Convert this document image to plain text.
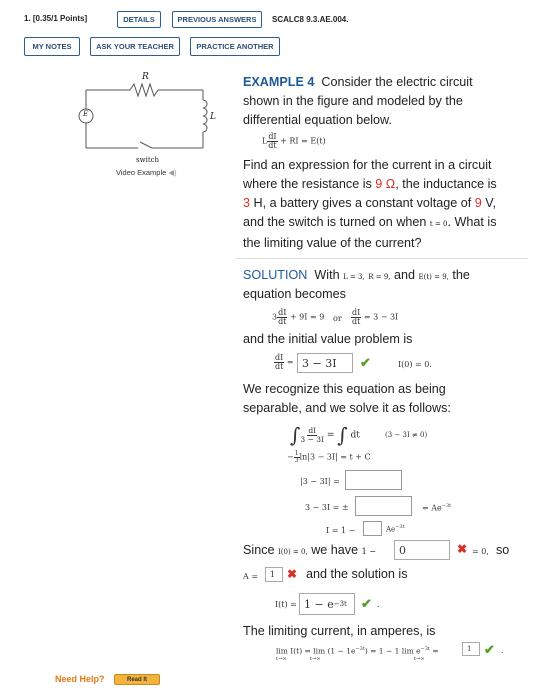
1. [0.35/1 Points]	DETAILS	PREVIOUS ANSWERS	SCALC8 9.3.AE.004.
MY NOTES	ASK YOUR TEACHER	PRACTICE ANOTHER
R
L
E
switch
Video Example ◀)
EXAMPLE 4 Consider the electric circuit
shown in the figure and modeled by the
differential equation below.
L $\frac{dI}{dt}$ + RI = E(t)
Find an expression for the current in a circuit
where the resistance is 9 Ω, the inductance is
3 H, a battery gives a constant voltage of 9 V,
and the switch is turned on when t = 0. What is
the limiting value of the current?
SOLUTION With L = 3, R = 9, and E(t) = 9, the
equation becomes
$3 \frac{dI}{dt} + 9I = 9$ or $\frac{dI}{dt} = 3 - 3I$
and the initial value problem is
$\frac{dI}{dt} = 3 - 3I$	✔	I(0) = 0.
We recognize this equation as being
separable, and we solve it as follows:
∫ $\frac{dI}{3 - 3I}$ = ∫ dt	(3 − 3I ≠ 0)
− $\frac{1}{3} \ln|3 - 3I| = t + C$
|3 − 3I| =
3 − 3I = ±	= $Ae^{-3t}$
I = 1 −	$Ae^{-3t}$
Since I(0) = 0, we have 1 −	0	✖ = 0, so
A =	1 ✖ and the solution is
I(t) = 1 − e −3t ✔ .
The limiting current, in amperes, is
$\lim I(t) = \lim (1 - 1e^{-3t}) = 1 - 1$ $\lim e^{-3t}$ =
t→∞	t→∞	t→∞
1 ✔ .
Need Help?	Read It
